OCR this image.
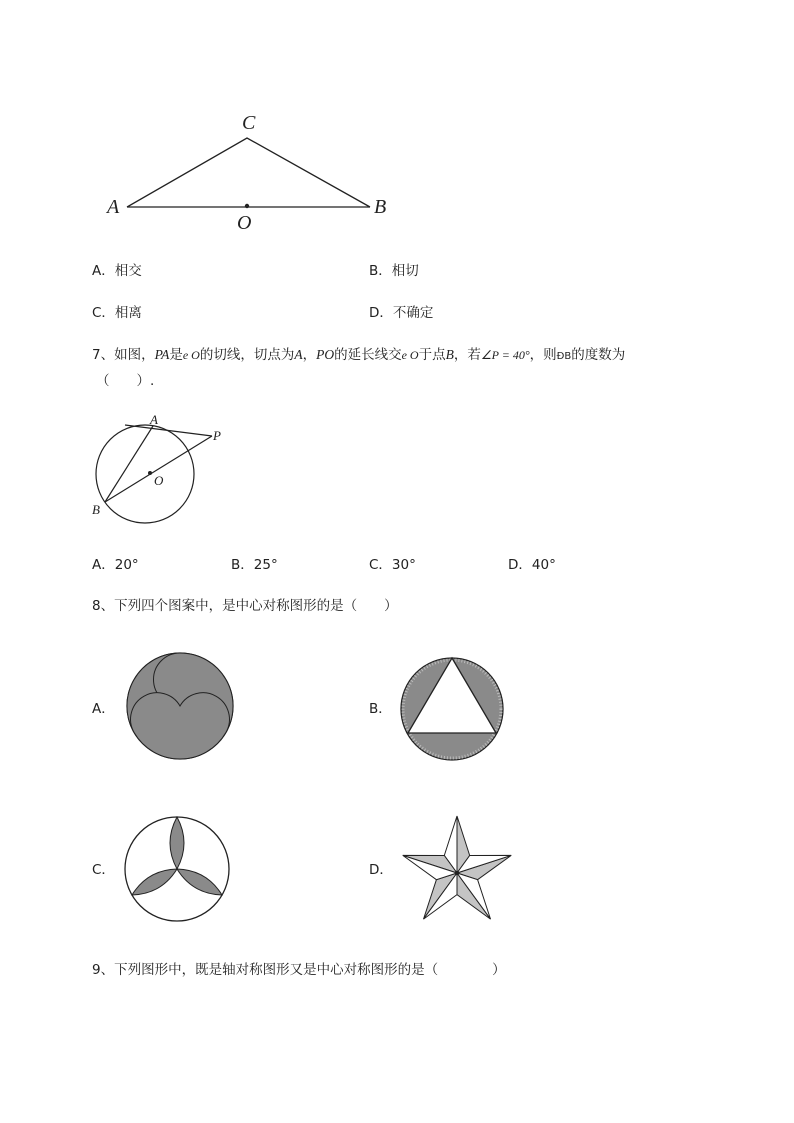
C
A	B
O
A．相交	B．相切
C．相离	D．不确定
7、如图，PA是e O的切线，切点为A，PO的延长线交e O于点B，若∠P = 40°，则ÐB的度数为
（　　）.
A
P
O
B
A．20°	B．25°	C．30°	D．40°
8、下列四个图案中，是中心对称图形的是（　　）
A．	B．
C．	D．
9、下列图形中，既是轴对称图形又是中心对称图形的是（　　　　）
